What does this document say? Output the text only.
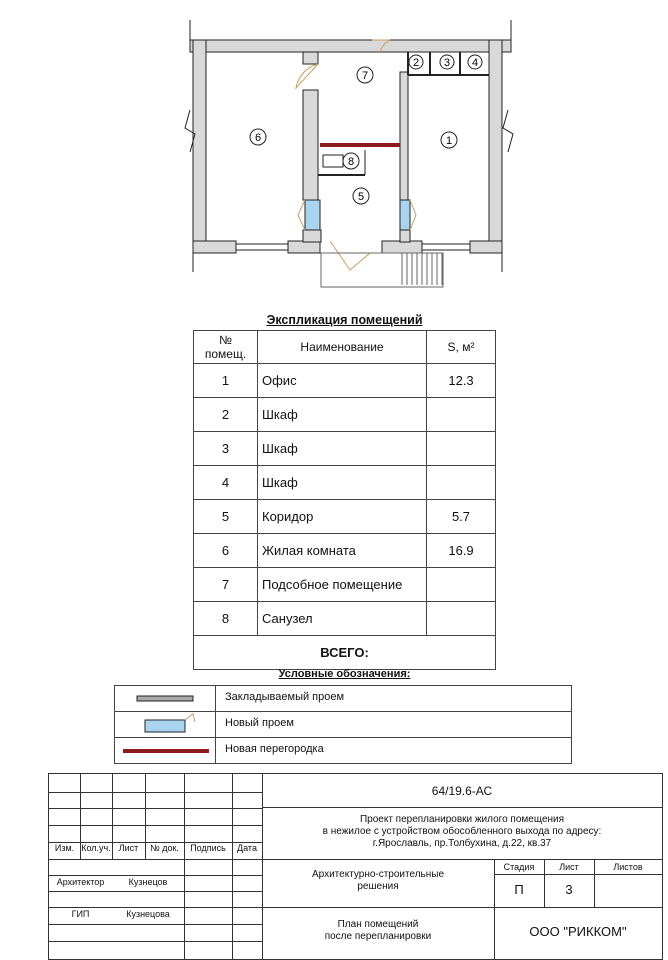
1
2 3 4
5
6
7
8
Экспликация помещений
№ помещ.	Наименование	S, м²
1	Офис	12.3
2	Шкаф	
3	Шкаф	
4	Шкаф	
5	Коридор	5.7
6	Жилая комната	16.9
7	Подсобное помещение	
8	Санузел	
ВСЕГО:		
Условные обозначения:
Закладываемый проем
Новый проем
Новая перегородка
Изм. Кол.уч. Лист	№ док.	Подпись	Дата
Архитектор	Кузнецов
ГИП	Кузнецова
64/19.6-АС
Проект перепланировки жилого помещения
в нежилое с устройством обособленного выхода по адресу:
г.Ярославль, пр.Толбухина, д.22, кв.37
Архитектурно-строительные
решения
Стадия	Лист	Листов
П	3
План помещений
после перепланировки	ООО "РИККОМ"
